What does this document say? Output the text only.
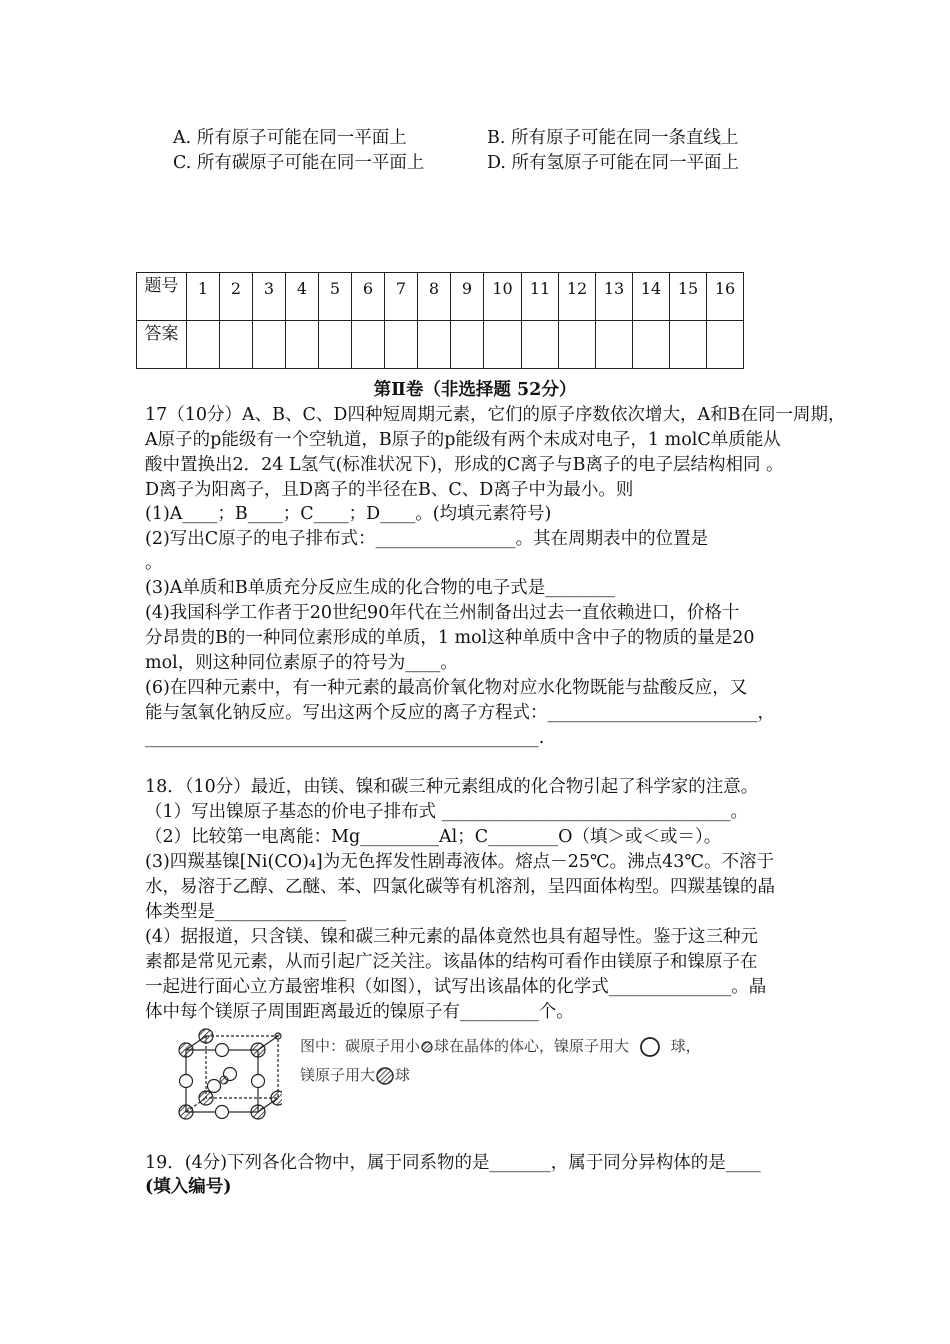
A. 所有原子可能在同一平面上	B. 所有原子可能在同一条直线上
C. 所有碳原子可能在同一平面上	D. 所有氢原子可能在同一平面上
题号	1	2	3	4	5	6	7	8	9	10	11	12	13	14	15	16
答案																
第Ⅱ卷（非选择题 52分）
17（10分）A、B、C、D四种短周期元素，它们的原子序数依次增大，A和B在同一周期，
A原子的p能级有一个空轨道，B原子的p能级有两个未成对电子，1 molC单质能从
酸中置换出2．24 L氢气(标准状况下)，形成的C离子与B离子的电子层结构相同 。
D离子为阳离子，且D离子的半径在B、C、D离子中为最小。则
(1)A____；B____；C____；D____。(均填元素符号)
(2)写出C原子的电子排布式：________________。其在周期表中的位置是
。
(3)A单质和B单质充分反应生成的化合物的电子式是________
(4)我国科学工作者于20世纪90年代在兰州制备出过去一直依赖进口，价格十
分昂贵的B的一种同位素形成的单质，1 mol这种单质中含中子的物质的量是20
mol，则这种同位素原子的符号为____。
(6)在四种元素中，有一种元素的最高价氧化物对应水化物既能与盐酸反应，又
能与氢氧化钠反应。写出这两个反应的离子方程式：________________________，
_____________________________________________.
18．（10分）最近，由镁、镍和碳三种元素组成的化合物引起了科学家的注意。
（1）写出镍原子基态的价电子排布式 _________________________________。
（2）比较第一电离能：Mg_________Al；C________O（填＞或＜或＝）。
(3)四羰基镍[Ni(CO)₄]为无色挥发性剧毒液体。熔点－25℃。沸点43℃。不溶于
水，易溶于乙醇、乙醚、苯、四氯化碳等有机溶剂，呈四面体构型。四羰基镍的晶
体类型是_______________
(4）据报道，只含镁、镍和碳三种元素的晶体竟然也具有超导性。鉴于这三种元
素都是常见元素，从而引起广泛关注。该晶体的结构可看作由镁原子和镍原子在
一起进行面心立方最密堆积（如图），试写出该晶体的化学式______________。晶
体中每个镁原子周围距离最近的镍原子有_________个。
图中：碳原子用小 球在晶体的体心，镍原子用大	球，
镁原子用大 球
19．(4分)下列各化合物中，属于同系物的是_______，属于同分异构体的是____
(填入编号)
